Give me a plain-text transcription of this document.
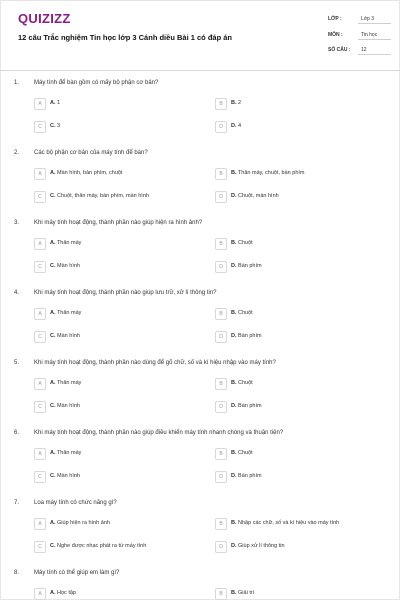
QUIZIZZ
12 câu Trắc nghiệm Tin học lớp 3 Cánh diều Bài 1 có đáp án
LỚP :	Lớp 3
MÔN :	Tin học
SỐ CÂU :	12
1. Máy tính để bàn gồm có mấy bộ phận cơ bản?
A	A. 1	B	B. 2
C	C. 3	D	D. 4
2. Các bộ phận cơ bản của máy tính để bàn?
A	A. Màn hình, bàn phím, chuột	B	B. Thân máy, chuột, bàn phím
C	C. Chuột, thân máy, bàn phím, màn hình	D	D. Chuột, màn hình
3. Khi máy tính hoạt động, thành phần nào giúp hiện ra hình ảnh?
A	A. Thân máy	B	B. Chuột
C	C. Màn hình	D	D. Bàn phím
4. Khi máy tính hoạt động, thành phần nào giúp lưu trữ, xử lí thông tin?
A	A. Thân máy	B	B. Chuột
C	C. Màn hình	D	D. Bàn phím
5. Khi máy tính hoạt động, thành phần nào dùng để gõ chữ, số và kí hiệu nhập vào máy tính?
A	A. Thân máy	B	B. Chuột
C	C. Màn hình	D	D. Bàn phím
6. Khi máy tính hoạt động, thành phần nào giúp điều khiển máy tính nhanh chóng và thuận tiện?
A	A. Thân máy	B	B. Chuột
C	C. Màn hình	D	D. Bàn phím
7. Loa máy tính có chức năng gì?
A	A. Giúp hiện ra hình ảnh	B	B. Nhập các chữ, số và kí hiệu vào máy tính
C	C. Nghe được nhạc phát ra từ máy tính	D	D. Giúp xử lí thông tin
8. Máy tính có thể giúp em làm gì?
A	A. Học tập	B	B. Giải trí
